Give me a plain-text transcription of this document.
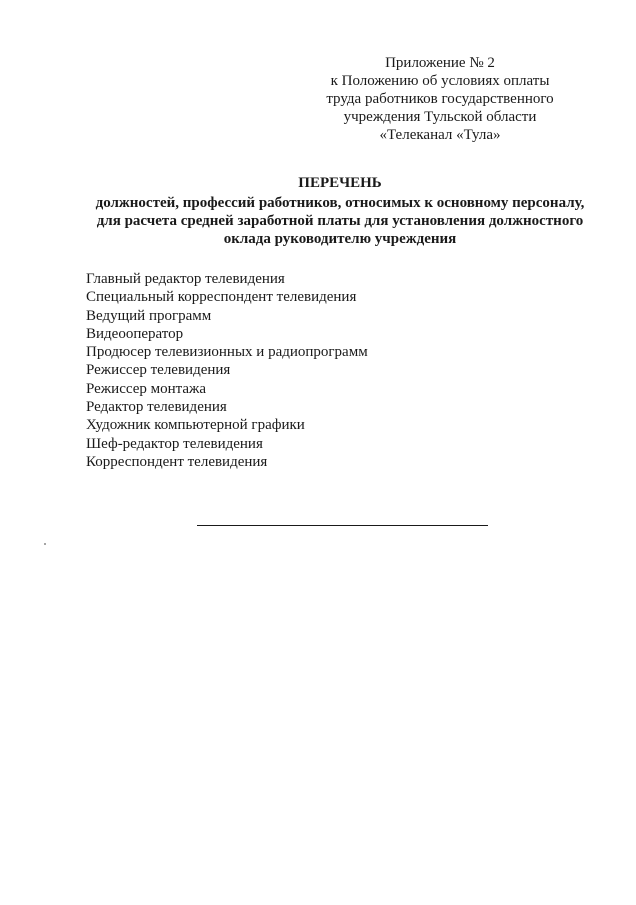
Приложение № 2
к Положению об условиях оплаты
труда работников государственного
учреждения Тульской области
«Телеканал «Тула»
ПЕРЕЧЕНЬ
должностей, профессий работников, относимых к основному персоналу,
для расчета средней заработной платы для установления должностного
оклада руководителю учреждения
Главный редактор телевидения
Специальный корреспондент телевидения
Ведущий программ
Видеооператор
Продюсер телевизионных и радиопрограмм
Режиссер телевидения
Режиссер монтажа
Редактор телевидения
Художник компьютерной графики
Шеф-редактор телевидения
Корреспондент телевидения
